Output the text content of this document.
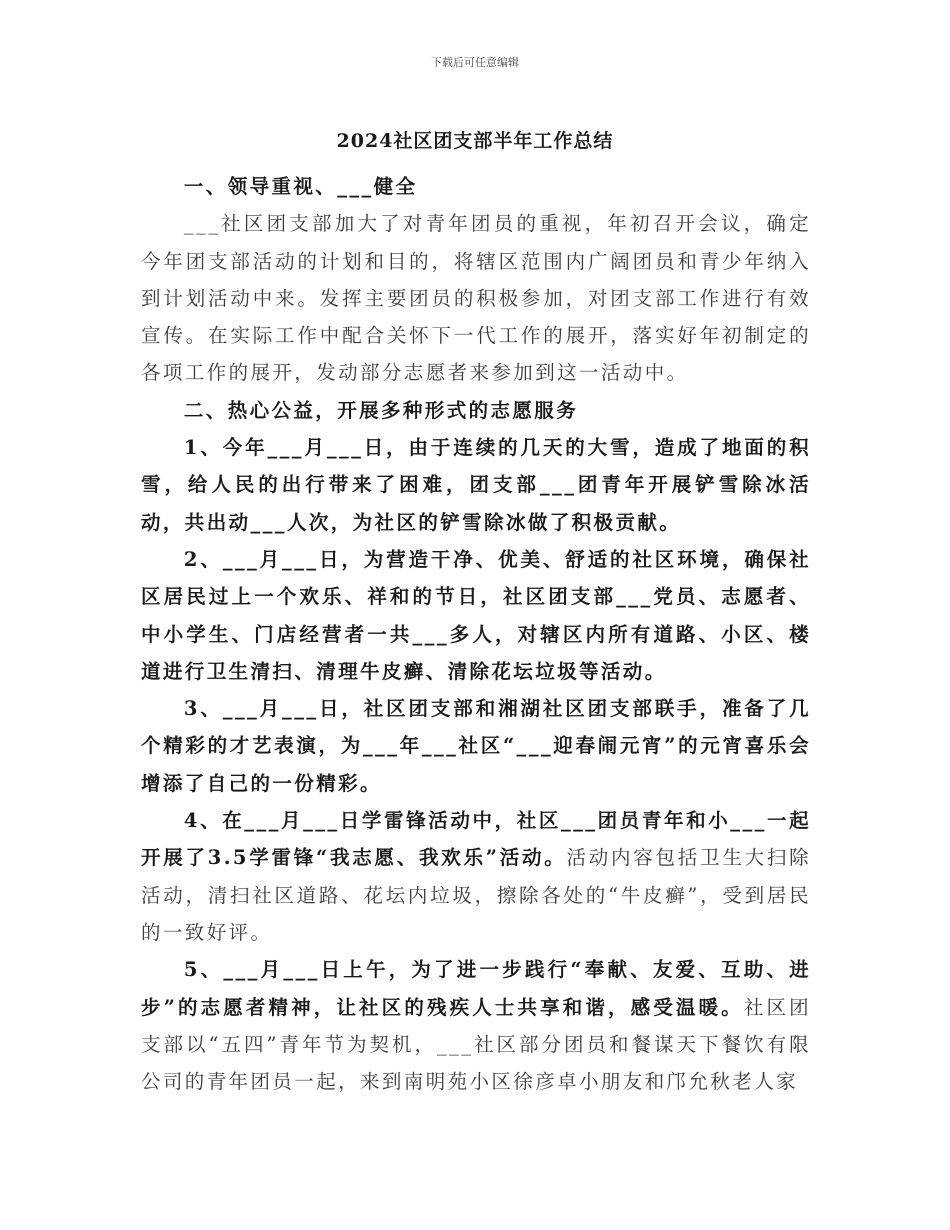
下载后可任意编辑
2024社区团支部半年工作总结

一、领导重视、___健全

___社区团支部加大了对青年团员的重视，年初召开会议，确定今年团支部活动的计划和目的，将辖区范围内广阔团员和青少年纳入到计划活动中来。发挥主要团员的积极参加，对团支部工作进行有效宣传。在实际工作中配合关怀下一代工作的展开，落实好年初制定的各项工作的展开，发动部分志愿者来参加到这一活动中。

二、热心公益，开展多种形式的志愿服务

1、今年___月___日，由于连续的几天的大雪，造成了地面的积雪，给人民的出行带来了困难，团支部___团青年开展铲雪除冰活动，共出动___人次，为社区的铲雪除冰做了积极贡献。

2、___月___日，为营造干净、优美、舒适的社区环境，确保社区居民过上一个欢乐、祥和的节日，社区团支部___党员、志愿者、中小学生、门店经营者一共___多人，对辖区内所有道路、小区、楼道进行卫生清扫、清理牛皮癣、清除花坛垃圾等活动。

3、___月___日，社区团支部和湘湖社区团支部联手，准备了几个精彩的才艺表演，为___年___社区“___迎春闹元宵”的元宵喜乐会增添了自己的一份精彩。

4、在___月___日学雷锋活动中，社区___团员青年和小___一起开展了3.5学雷锋“我志愿、我欢乐”活动。活动内容包括卫生大扫除活动，清扫社区道路、花坛内垃圾，擦除各处的“牛皮癣”，受到居民的一致好评。

5、___月___日上午，为了进一步践行“奉献、友爱、互助、进步”的志愿者精神，让社区的残疾人士共享和谐，感受温暖。社区团支部以“五四”青年节为契机，___社区部分团员和餐谋天下餐饮有限公司的青年团员一起，来到南明苑小区徐彦卓小朋友和邝允秋老人家
